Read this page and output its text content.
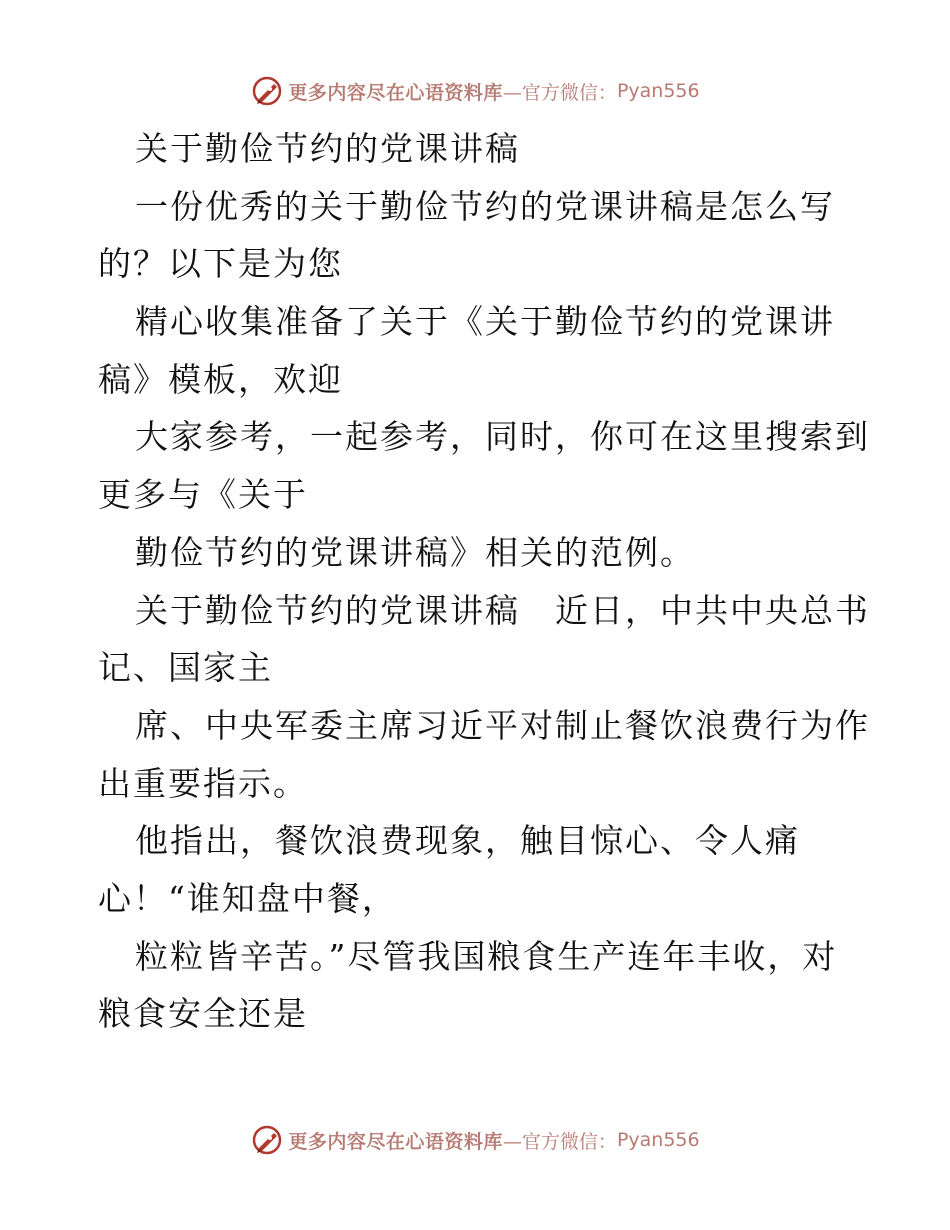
更多内容尽在心语资料库 —官方微信： Pyan556
关于勤俭节约的党课讲稿
一份优秀的关于勤俭节约的党课讲稿是怎么写
的？以下是为您
精心收集准备了关于《关于勤俭节约的党课讲
稿》模板，欢迎
大家参考，一起参考，同时，你可在这里搜索到
更多与《关于
勤俭节约的党课讲稿》相关的范例。
关于勤俭节约的党课讲稿　近日，中共中央总书
记、国家主
席、中央军委主席习近平对制止餐饮浪费行为作
出重要指示。
他指出，餐饮浪费现象，触目惊心、令人痛
心！“谁知盘中餐，
粒粒皆辛苦。”尽管我国粮食生产连年丰收，对
粮食安全还是
更多内容尽在心语资料库 —官方微信： Pyan556
